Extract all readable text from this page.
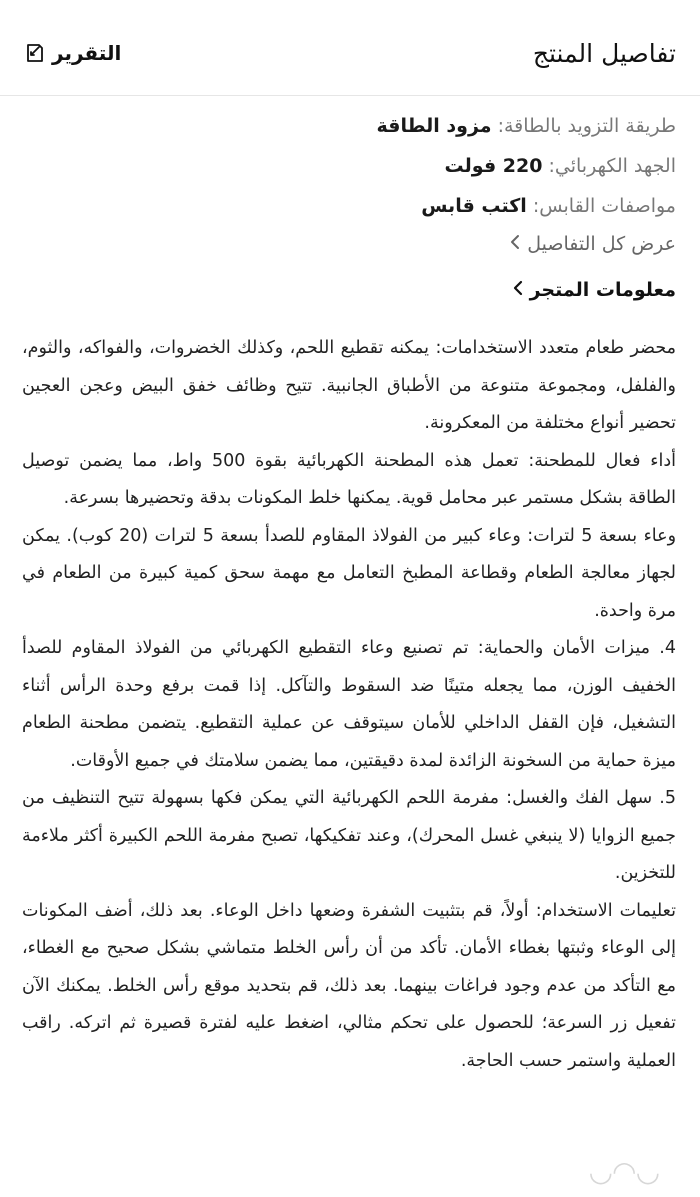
تفاصيل المنتج
التقرير
طريقة التزويد بالطاقة: مزود الطاقة
الجهد الكهربائي: 220 فولت
مواصفات القابس: اكتب قابس
عرض كل التفاصيل
معلومات المتجر

محضر طعام متعدد الاستخدامات: يمكنه تقطيع اللحم، وكذلك الخضروات، والفواكه، والثوم، والفلفل، ومجموعة متنوعة من الأطباق الجانبية. تتيح وظائف خفق البيض وعجن العجين تحضير أنواع مختلفة من المعكرونة.

أداء فعال للمطحنة: تعمل هذه المطحنة الكهربائية بقوة 500 واط، مما يضمن توصيل الطاقة بشكل مستمر عبر محامل قوية. يمكنها خلط المكونات بدقة وتحضيرها بسرعة.

وعاء بسعة 5 لترات: وعاء كبير من الفولاذ المقاوم للصدأ بسعة 5 لترات (20 كوب). يمكن لجهاز معالجة الطعام وقطاعة المطبخ التعامل مع مهمة سحق كمية كبيرة من الطعام في مرة واحدة.

4. ميزات الأمان والحماية: تم تصنيع وعاء التقطيع الكهربائي من الفولاذ المقاوم للصدأ الخفيف الوزن، مما يجعله متينًا ضد السقوط والتآكل. إذا قمت برفع وحدة الرأس أثناء التشغيل، فإن القفل الداخلي للأمان سيتوقف عن عملية التقطيع. يتضمن مطحنة الطعام ميزة حماية من السخونة الزائدة لمدة دقيقتين، مما يضمن سلامتك في جميع الأوقات.

5. سهل الفك والغسل: مفرمة اللحم الكهربائية التي يمكن فكها بسهولة تتيح التنظيف من جميع الزوايا (لا ينبغي غسل المحرك)، وعند تفكيكها، تصبح مفرمة اللحم الكبيرة أكثر ملاءمة للتخزين.

تعليمات الاستخدام: أولاً، قم بتثبيت الشفرة وضعها داخل الوعاء. بعد ذلك، أضف المكونات إلى الوعاء وثبتها بغطاء الأمان. تأكد من أن رأس الخلط متماشي بشكل صحيح مع الغطاء، مع التأكد من عدم وجود فراغات بينهما. بعد ذلك، قم بتحديد موقع رأس الخلط. يمكنك الآن تفعيل زر السرعة؛ للحصول على تحكم مثالي، اضغط عليه لفترة قصيرة ثم اتركه. راقب العملية واستمر حسب الحاجة.

◡◠◡
